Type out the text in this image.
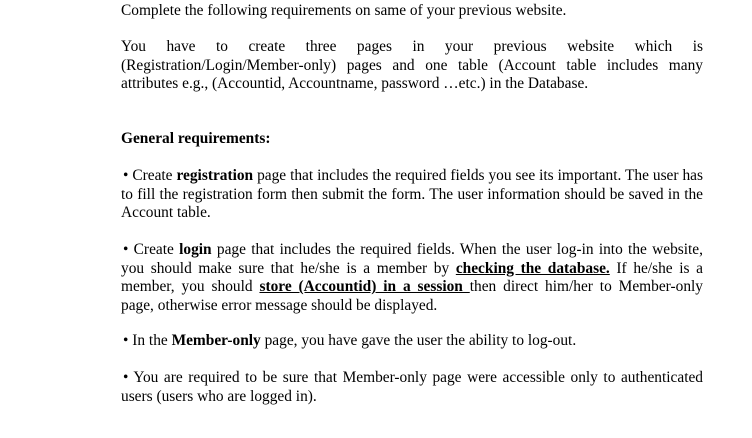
Complete the following requirements on same of your previous website.

You have to create three pages in your previous website which is (Registration/Login/Member-only) pages and one table (Account table includes many attributes e.g., (Accountid, Accountname, password …etc.) in the Database.

General requirements:

• Create registration page that includes the required fields you see its important. The user has to fill the registration form then submit the form. The user information should be saved in the Account table.

• Create login page that includes the required fields. When the user log-in into the website, you should make sure that he/she is a member by checking the database. If he/she is a member, you should store (Accountid) in a session then direct him/her to Member-only page, otherwise error message should be displayed.

• In the Member-only page, you have gave the user the ability to log-out.

• You are required to be sure that Member-only page were accessible only to authenticated users (users who are logged in).
